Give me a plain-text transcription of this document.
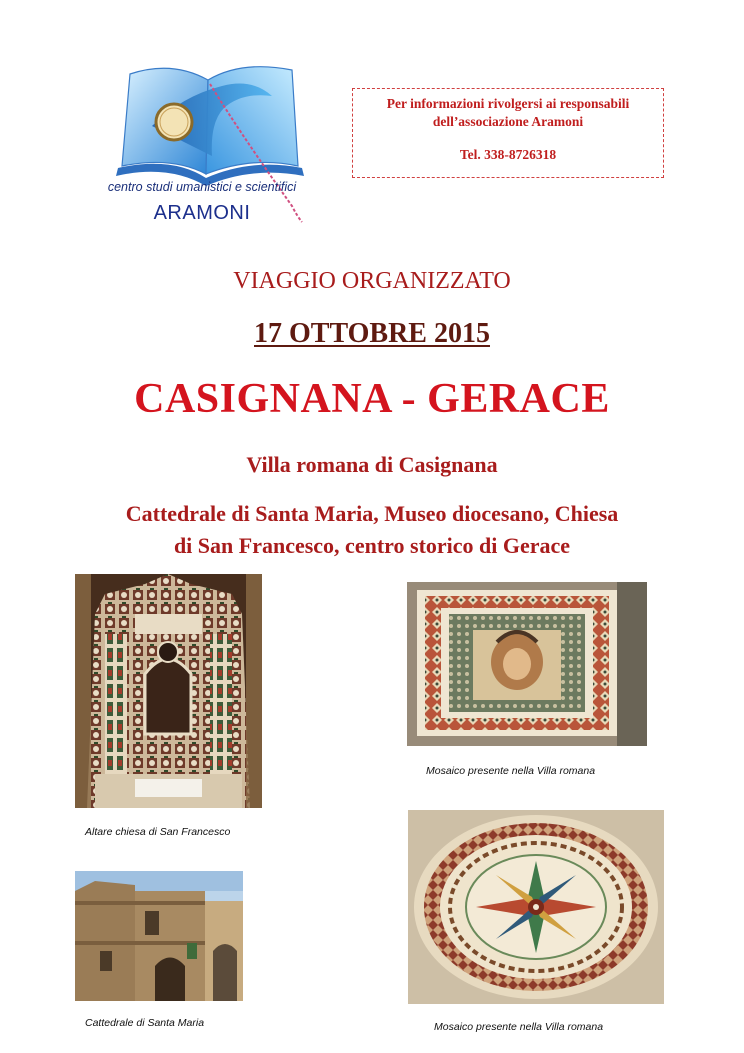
centro studi umanistici e scientifici
ARAMONI
Per informazioni rivolgersi ai responsabili
dell’associazione Aramoni
Tel. 338-8726318
VIAGGIO ORGANIZZATO
17 OTTOBRE 2015
CASIGNANA - GERACE
Villa romana di Casignana
Cattedrale di Santa Maria, Museo diocesano, Chiesa
di San Francesco, centro storico di Gerace
Altare chiesa di San Francesco
Mosaico presente nella Villa romana
Cattedrale di Santa Maria	Mosaico presente nella Villa romana
